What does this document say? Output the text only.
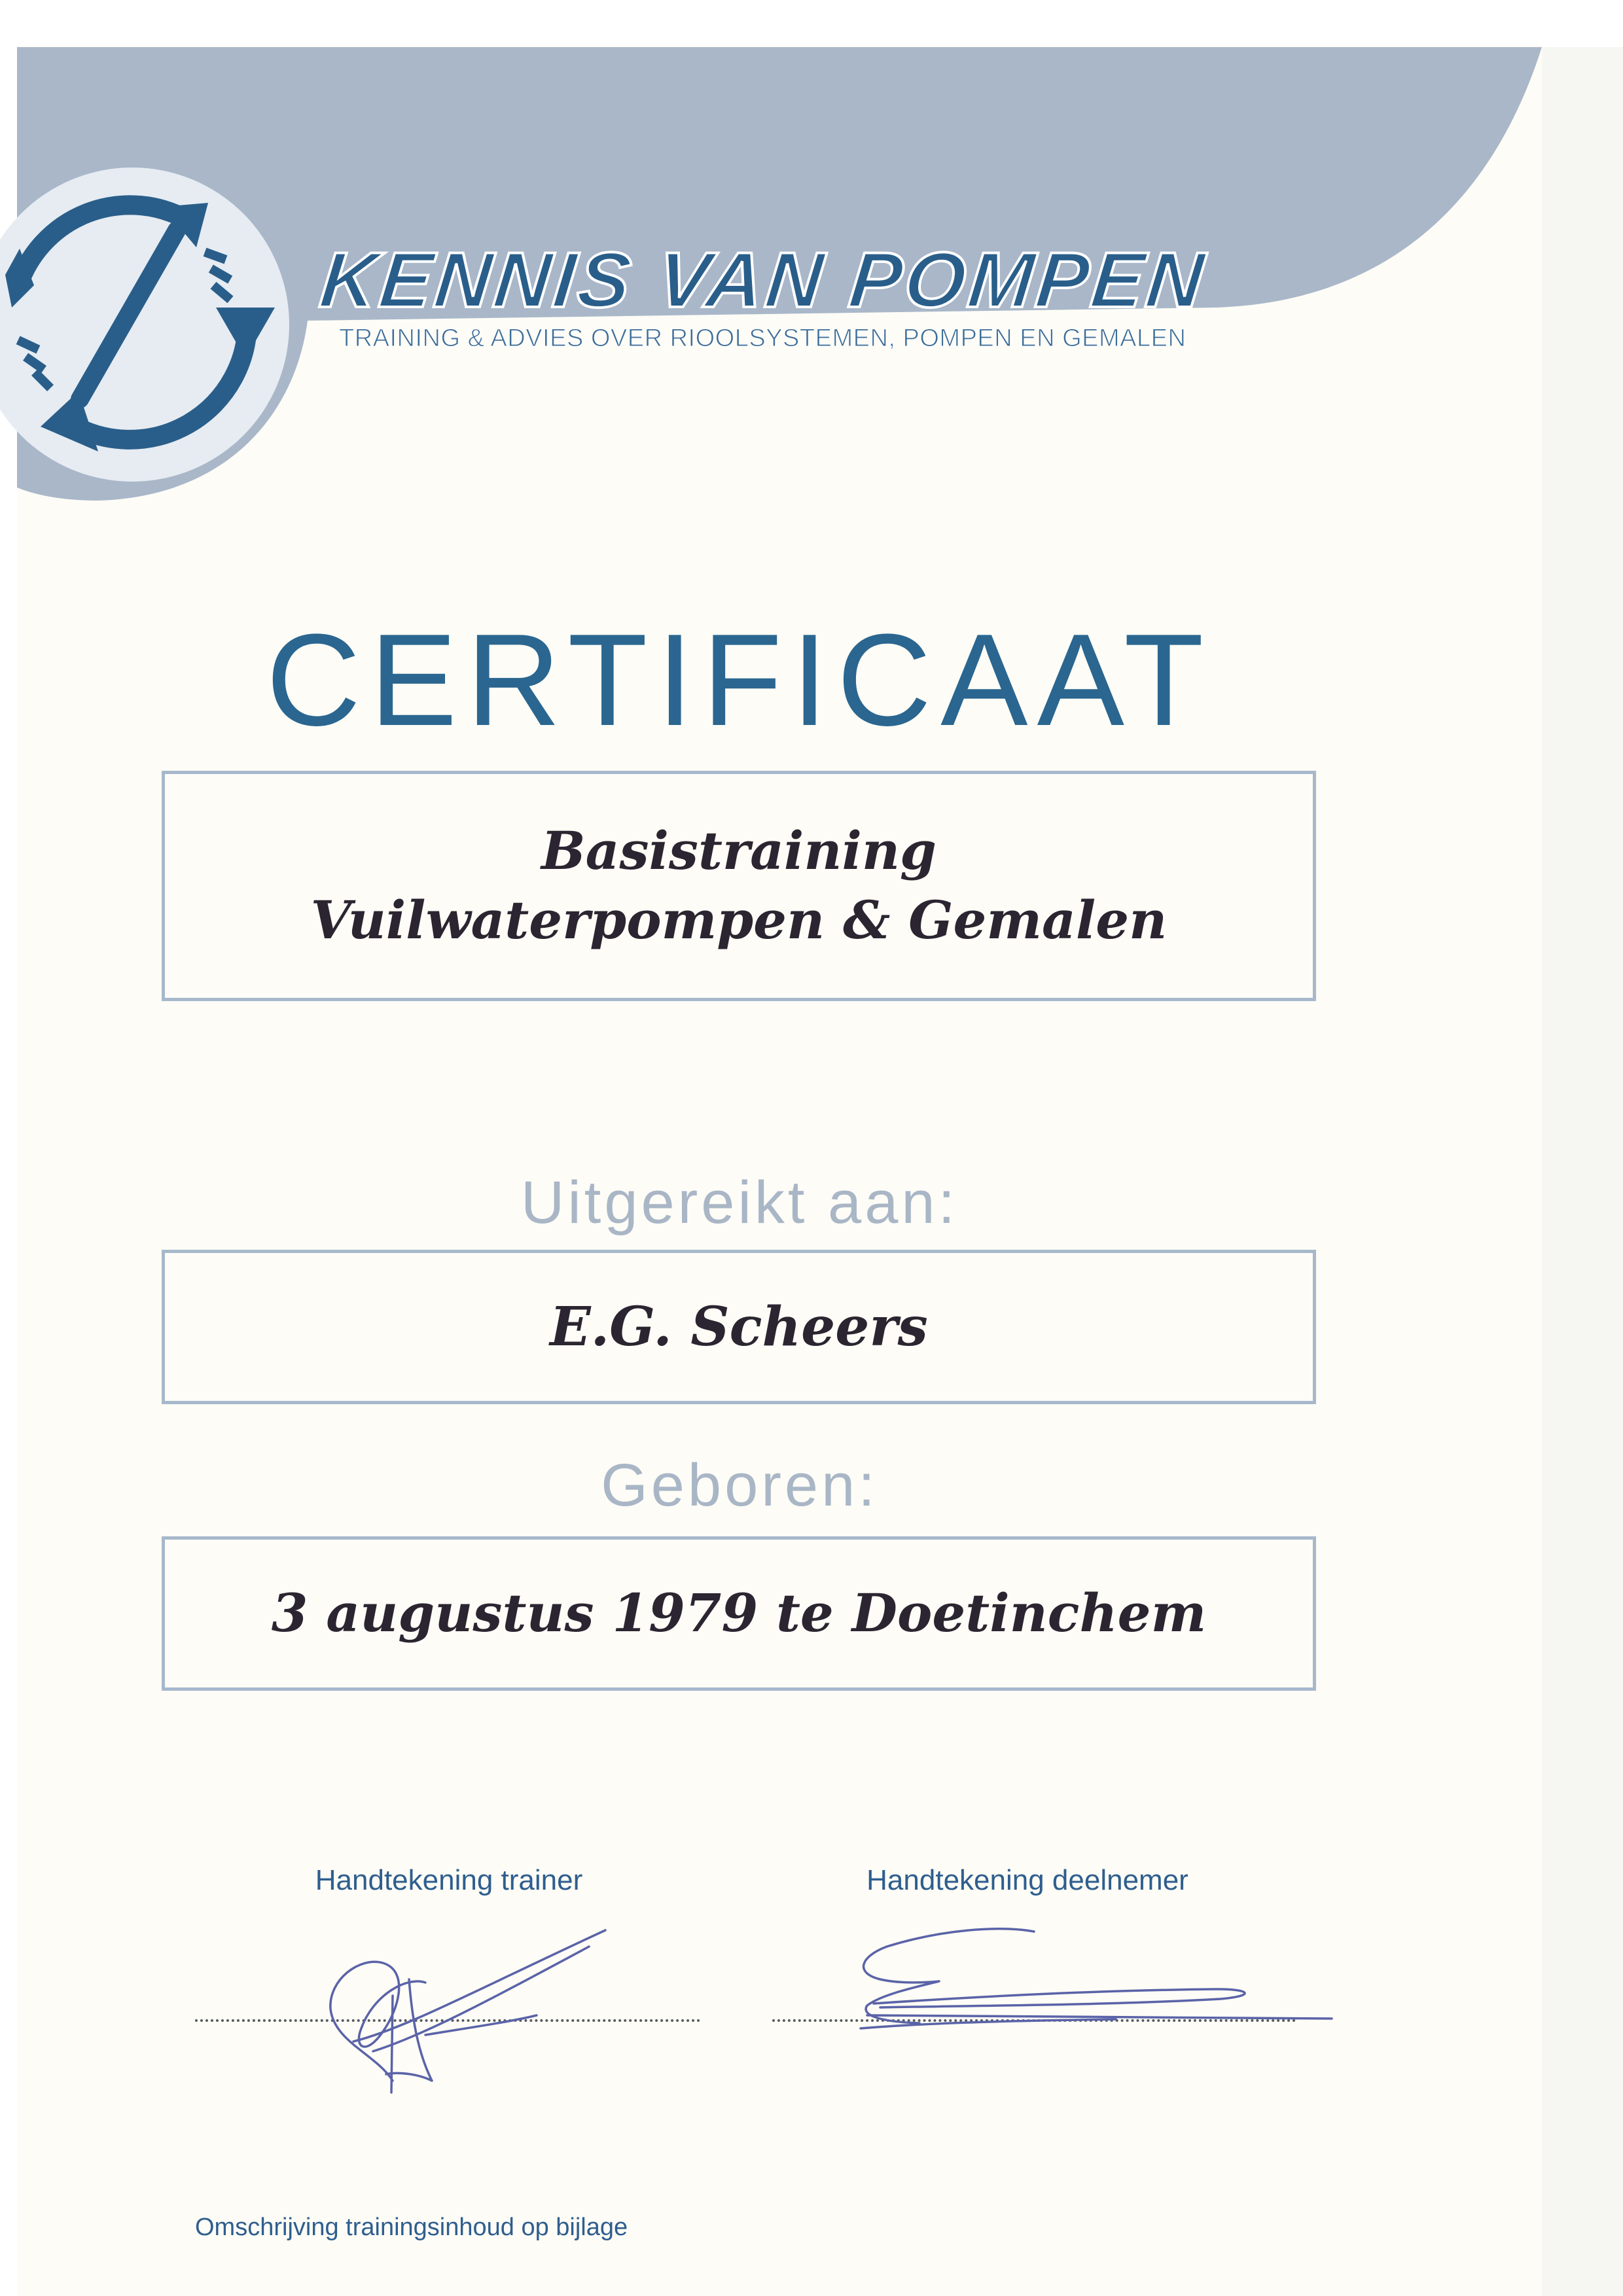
KENNIS VAN POMPEN
TRAINING & ADVIES OVER RIOOLSYSTEMEN, POMPEN EN GEMALEN
CERTIFICAAT
Basistraining
Vuilwaterpompen & Gemalen
Uitgereikt aan:
E.G. Scheers
Geboren:
3 augustus 1979 te Doetinchem
Handtekening trainer	Handtekening deelnemer
Omschrijving trainingsinhoud op bijlage
